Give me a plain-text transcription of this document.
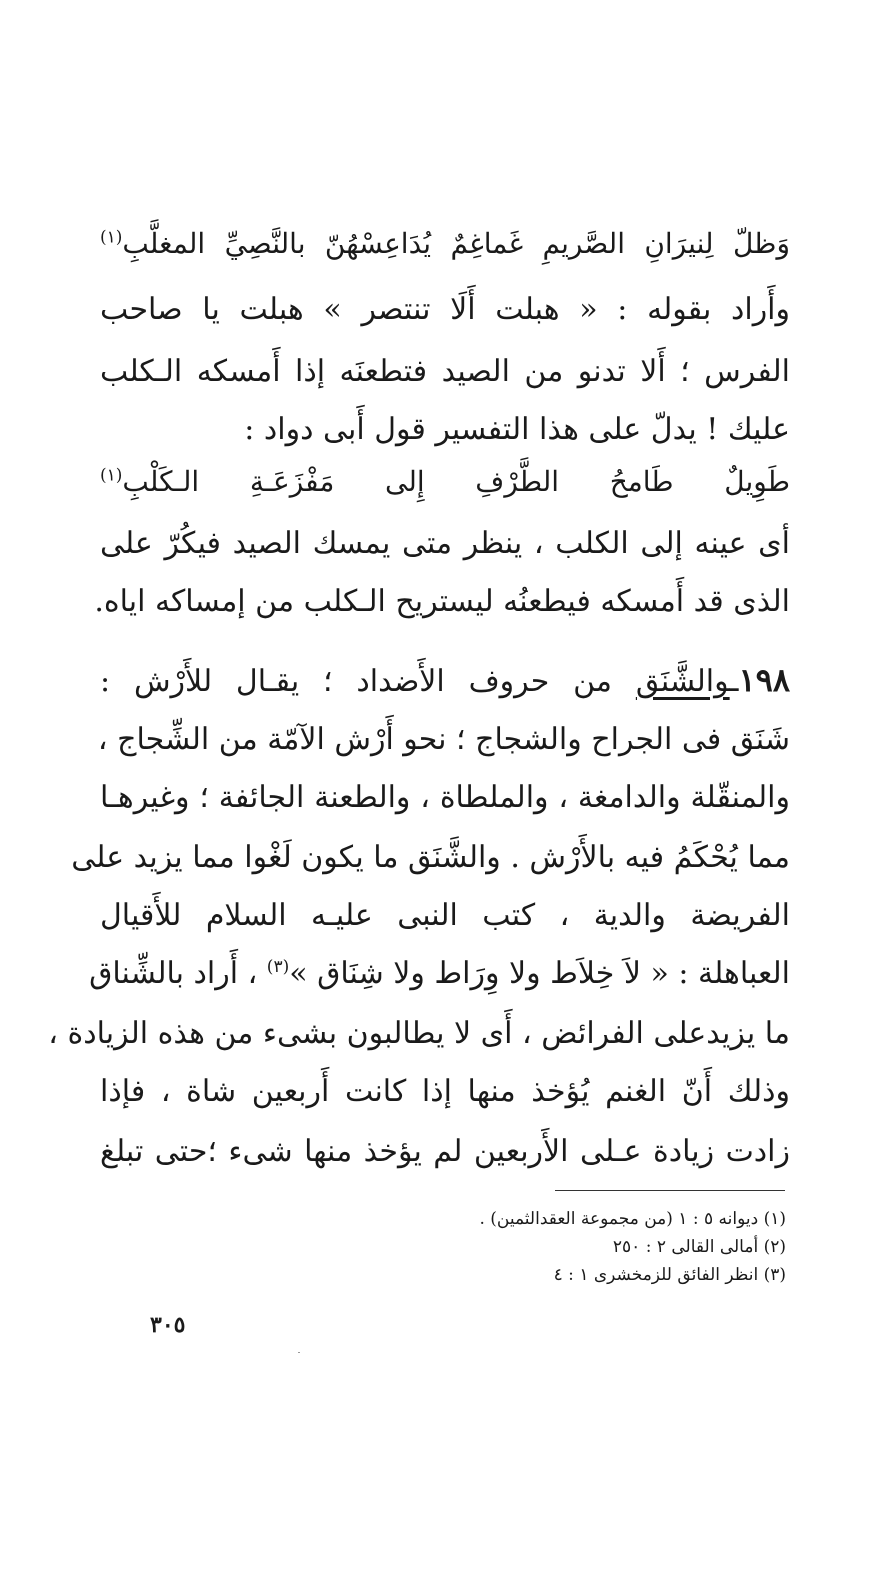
وَظلّ لِنيرَانِ الصَّريمِ غَماغِمٌ يُدَاعِسْهُنّ بالنَّصِيِّ المغلَّبِ$^{(١)}$
وأَراد بقوله : « هبلت أَلَا تنتصر » هبلت يا صاحب
الفرس ؛ أَلا تدنو من الصيد فتطعنَه إذا أَمسكه الـكلب
عليك ! يدلّ على هذا التفسير قول أَبى دواد :
طَوِيلٌ طَامحُ الطَّرْفِ إِلى مَفْزَعَـةِ الـكَلْبِ$^{(١)}$
أى عينه إلى الكلب ، ينظر متى يمسك الصيد فيكُرّ على
الذى قد أَمسكه فيطعنُه ليستريح الـكلب من إمساكه اياه.
١٩٨ـوالشَّنَق من حروف الأَضداد ؛ يقـال للأَرْش :
شَنَق فى الجراح والشجاج ؛ نحو أَرْش الآمّة من الشِّجاج ،
والمنقّلة والدامغة ، والملطاة ، والطعنة الجائفة ؛ وغيرهـا
مما يُحْكَمُ فيه بالأَرْش . والشَّنَق ما يكون لَغْوا مما يزيد على
الفريضة والدية ، كتب النبى عليـه السلام للأَقيال
العباهلة : « لاَ خِلاَط ولا وِرَاط ولا شِنَاق »$^{(٣)}$ ، أَراد بالشِّناق
ما يزيدعلى الفرائض ، أَى لا يطالبون بشىء من هذه الزيادة ،
وذلك أَنّ الغنم يُؤخذ منها إذا كانت أَربعين شاة ، فإذا
زادت زيادة عـلى الأَربعين لم يؤخذ منها شىء ؛حتى تبلغ
(١) ديوانه ٥ : ١ (من مجموعة العقدالثمين) .
(٢) أمالى القالى ٢ : ٢٥٠
(٣) انظر الفائق للزمخشرى ١ : ٤
٣٠٥
